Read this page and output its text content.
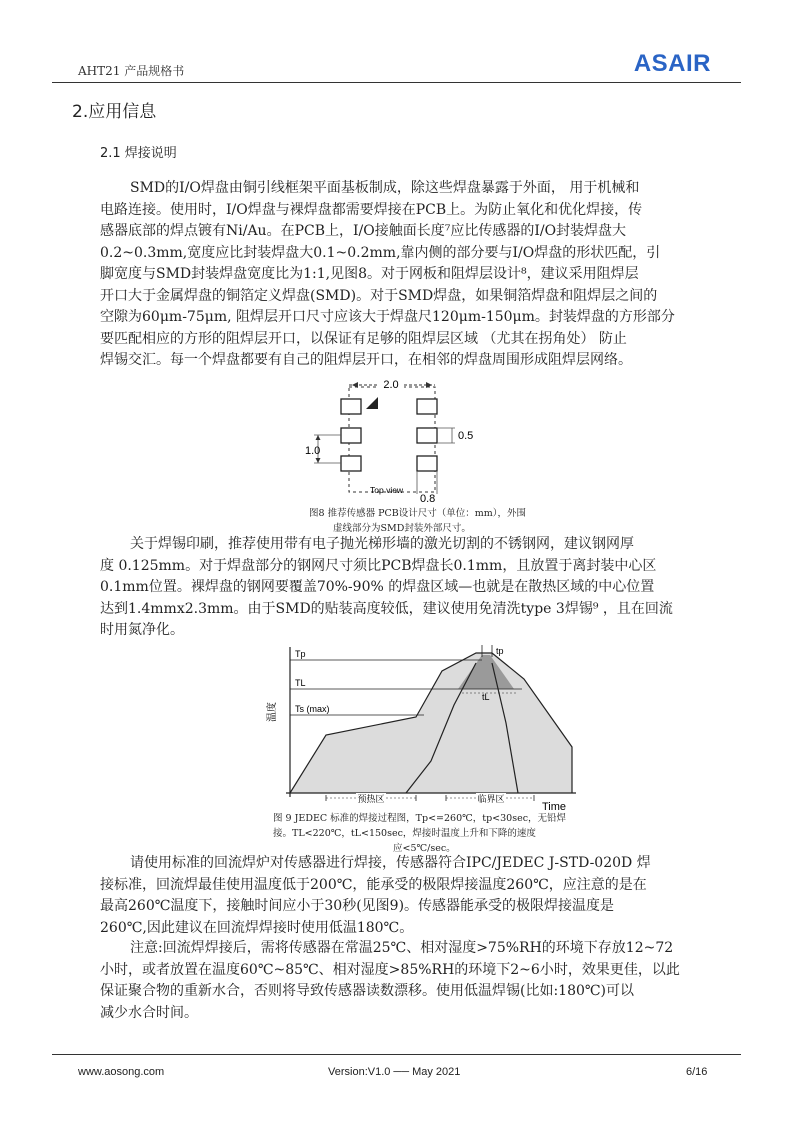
AHT21 产品规格书	ASAIR
2.应用信息
2.1 焊接说明
SMD的I/O焊盘由铜引线框架平面基板制成，除这些焊盘暴露于外面， 用于机械和
电路连接。使用时，I/O焊盘与裸焊盘都需要焊接在PCB上。为防止氧化和优化焊接，传
感器底部的焊点镀有Ni/Au。在PCB上，I/O接触面长度⁷应比传感器的I/O封装焊盘大
0.2~0.3mm,宽度应比封装焊盘大0.1~0.2mm,靠内侧的部分要与I/O焊盘的形状匹配，引
脚宽度与SMD封装焊盘宽度比为1:1,见图8。对于网板和阻焊层设计⁸，建议采用阻焊层
开口大于金属焊盘的铜箔定义焊盘(SMD)。对于SMD焊盘，如果铜箔焊盘和阻焊层之间的
空隙为60μm-75μm, 阻焊层开口尺寸应该大于焊盘尺120μm-150μm。封装焊盘的方形部分
要匹配相应的方形的阻焊层开口，以保证有足够的阻焊层区域 （尤其在拐角处） 防止
焊锡交汇。每一个焊盘都要有自己的阻焊层开口，在相邻的焊盘周围形成阻焊层网络。
2.0
1.0
0.5
Top view
0.8
图8 推荐传感器 PCB设计尺寸（单位：mm），外围
虚线部分为SMD封装外部尺寸。
关于焊锡印刷，推荐使用带有电子抛光梯形墙的激光切割的不锈钢网，建议钢网厚
度 0.125mm。对于焊盘部分的钢网尺寸须比PCB焊盘长0.1mm，且放置于离封装中心区
0.1mm位置。裸焊盘的钢网要覆盖70%-90% 的焊盘区域—也就是在散热区域的中心位置
达到1.4mmx2.3mm。由于SMD的贴装高度较低，建议使用免清洗type 3焊锡⁹ ，且在回流
时用氮净化。
Tp	tp
TL
tL
Ts (max)
温度
预热区	临界区
Time
图 9 JEDEC 标准的焊接过程图，Tp<=260℃，tp<30sec，无铅焊
接。TL<220℃，tL<150sec，焊接时温度上升和下降的速度
应<5℃/sec。
请使用标准的回流焊炉对传感器进行焊接，传感器符合IPC/JEDEC J-STD-020D 焊
接标准，回流焊最佳使用温度低于200℃，能承受的极限焊接温度260℃，应注意的是在
最高260℃温度下，接触时间应小于30秒(见图9)。传感器能承受的极限焊接温度是
260℃,因此建议在回流焊焊接时使用低温180℃。
注意:回流焊焊接后，需将传感器在常温25℃、相对湿度>75%RH的环境下存放12~72
小时，或者放置在温度60℃~85℃、相对湿度>85%RH的环境下2~6小时，效果更佳，以此
保证聚合物的重新水合，否则将导致传感器读数漂移。使用低温焊锡(比如:180℃)可以
减少水合时间。
www.aosong.com	Version:V1.0 ── May 2021	6/16
